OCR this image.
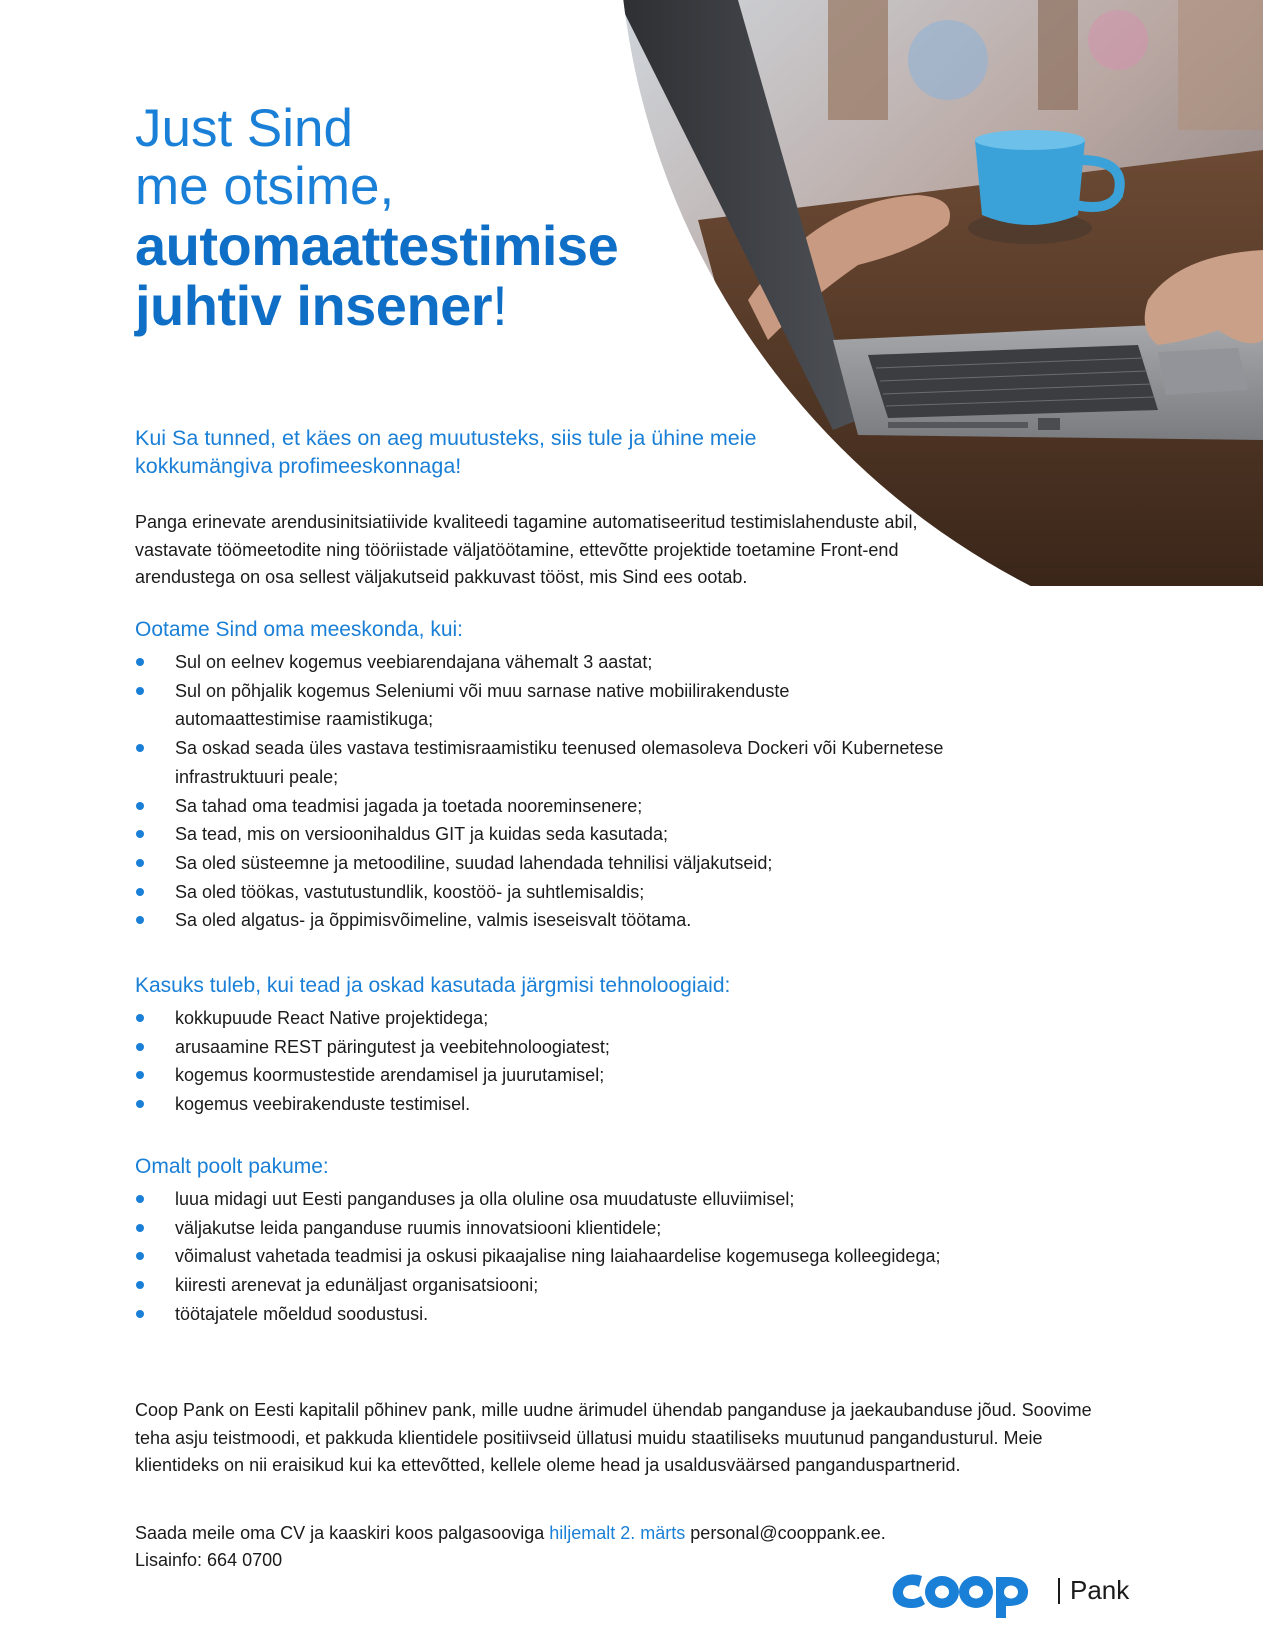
Just Sind
me otsime,
automaattestimise
juhtiv insener!

Kui Sa tunned, et käes on aeg muutusteks, siis tule ja ühine meie kokkumängiva profimeeskonnaga!

Panga erinevate arendusinitsiatiivide kvaliteedi tagamine automatiseeritud testimislahenduste abil, vastavate töömeetodite ning tööriistade väljatöötamine, ettevõtte projektide toetamine Front-end arendustega on osa sellest väljakutseid pakkuvast tööst, mis Sind ees ootab.

Ootame Sind oma meeskonda, kui:
Sul on eelnev kogemus veebiarendajana vähemalt 3 aastat;
Sul on põhjalik kogemus Seleniumi või muu sarnase native mobiilirakenduste automaattestimise raamistikuga;
Sa oskad seada üles vastava testimisraamistiku teenused olemasoleva Dockeri või Kubernetese infrastruktuuri peale;
Sa tahad oma teadmisi jagada ja toetada nooreminsenere;
Sa tead, mis on versioonihaldus GIT ja kuidas seda kasutada;
Sa oled süsteemne ja metoodiline, suudad lahendada tehnilisi väljakutseid;
Sa oled töökas, vastutustundlik, koostöö- ja suhtlemisaldis;
Sa oled algatus- ja õppimisvõimeline, valmis iseseisvalt töötama.
Kasuks tuleb, kui tead ja oskad kasutada järgmisi tehnoloogiaid:
kokkupuude React Native projektidega;
arusaamine REST päringutest ja veebitehnoloogiatest;
kogemus koormustestide arendamisel ja juurutamisel;
kogemus veebirakenduste testimisel.
Omalt poolt pakume:
luua midagi uut Eesti panganduses ja olla oluline osa muudatuste elluviimisel;
väljakutse leida panganduse ruumis innovatsiooni klientidele;
võimalust vahetada teadmisi ja oskusi pikaajalise ning laiahaardelise kogemusega kolleegidega;
kiiresti arenevat ja edunäljast organisatsiooni;
töötajatele mõeldud soodustusi.

Coop Pank on Eesti kapitalil põhinev pank, mille uudne ärimudel ühendab panganduse ja jaekaubanduse jõud. Soovime teha asju teistmoodi, et pakkuda klientidele positiivseid üllatusi muidu staatiliseks muutunud pangandusturul. Meie klientideks on nii eraisikud kui ka ettevõtted, kellele oleme head ja usaldusväärsed panganduspartnerid.

Saada meile oma CV ja kaaskiri koos palgasooviga hiljemalt 2. märts personal@cooppank.ee.
Lisainfo: 664 0700

Pank
